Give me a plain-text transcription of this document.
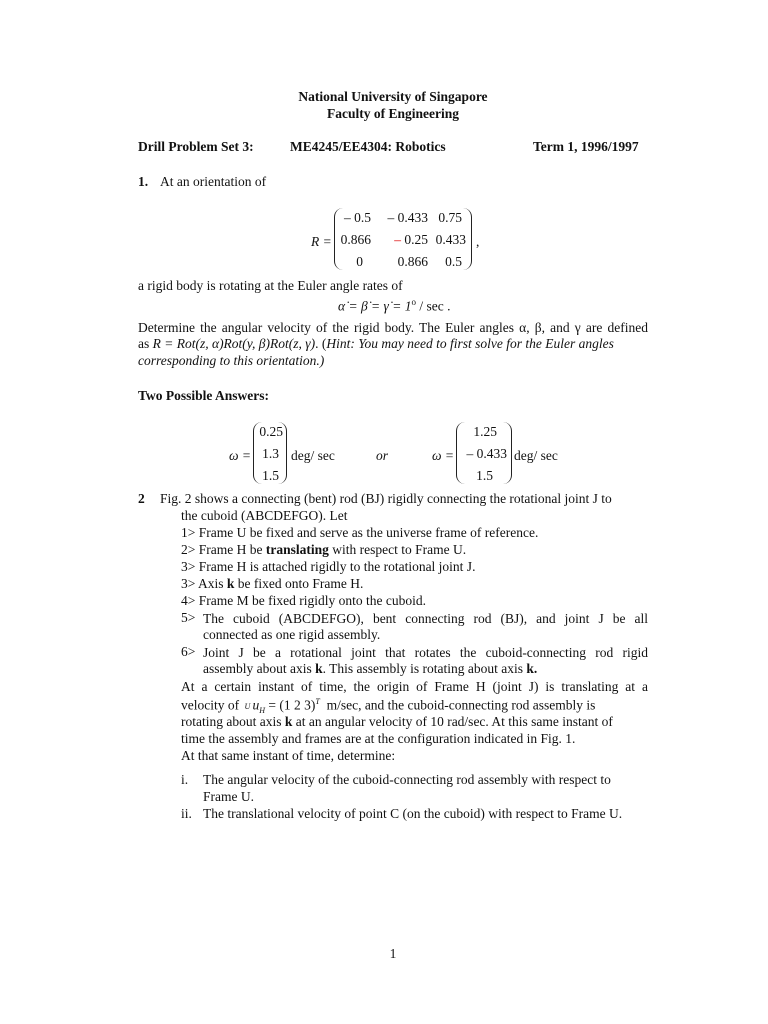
National University of Singapore
Faculty of Engineering
Drill Problem Set 3:	ME4245/EE4304: Robotics	Term 1, 1996/1997
1. At an orientation of
R =
– 0.5	– 0.433 0.75
0.866	– 0.25 0.433
0	0.866	0.5
,
a rigid body is rotating at the Euler angle rates of
α̇ = β̇ = γ̇ = $1^o$ / sec .
Determine the angular velocity of the rigid body. The Euler angles α, β, and γ are defined
as R = Rot(z, α)Rot(y, β)Rot(z, γ). (Hint: You may need to first solve for the Euler angles
corresponding to this orientation.)
Two Possible Answers:
ω =
0.25
1.3
1.5
deg/ sec	or	ω =
1.25
– 0.433
1.5
deg/ sec
2 Fig. 2 shows a connecting (bent) rod (BJ) rigidly connecting the rotational joint J to
the cuboid (ABCDEFGO). Let
1> Frame U be fixed and serve as the universe frame of reference.
2> Frame H be translating with respect to Frame U.
3> Frame H is attached rigidly to the rotational joint J.
3> Axis k be fixed onto Frame H.
4> Frame M be fixed rigidly onto the cuboid.
5> The cuboid (ABCDEFGO), bent connecting rod (BJ), and joint J be all
connected as one rigid assembly.
6> Joint J be a rotational joint that rotates the cuboid-connecting rod rigid
assembly about axis k. This assembly is rotating about axis k.
At a certain instant of time, the origin of Frame H (joint J) is translating at a
velocity of U $u_H = (1$ 2 3)$^T$ m/sec, and the cuboid-connecting rod assembly is
rotating about axis k at an angular velocity of 10 rad/sec. At this same instant of
time the assembly and frames are at the configuration indicated in Fig. 1.
At that same instant of time, determine:
i. The angular velocity of the cuboid-connecting rod assembly with respect to
Frame U.
ii. The translational velocity of point C (on the cuboid) with respect to Frame U.
1
